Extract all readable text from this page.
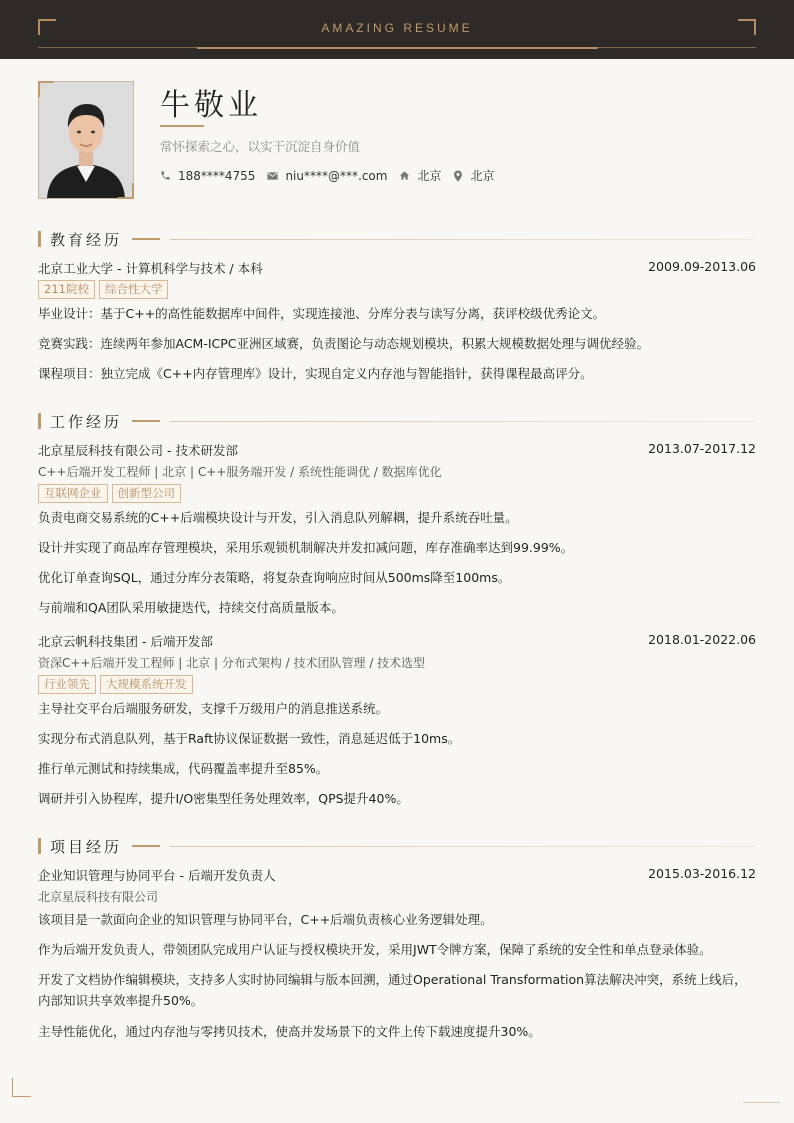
AMAZING RESUME
牛敬业
常怀探索之心，以实干沉淀自身价值
188****4755	niu****@***.com	北京 北京
教育经历
北京工业大学 - 计算机科学与技术 / 本科	2009.09-2013.06
211院校	综合性大学
毕业设计：基于C++的高性能数据库中间件，实现连接池、分库分表与读写分离，获评校级优秀论文。
竞赛实践：连续两年参加ACM-ICPC亚洲区域赛，负责图论与动态规划模块，积累大规模数据处理与调优经验。
课程项目：独立完成《C++内存管理库》设计，实现自定义内存池与智能指针，获得课程最高评分。
工作经历
北京星辰科技有限公司 - 技术研发部	2013.07-2017.12
C++后端开发工程师 | 北京 | C++服务端开发 / 系统性能调优 / 数据库优化
互联网企业	创新型公司
负责电商交易系统的C++后端模块设计与开发，引入消息队列解耦，提升系统吞吐量。
设计并实现了商品库存管理模块，采用乐观锁机制解决并发扣减问题，库存准确率达到99.99%。
优化订单查询SQL，通过分库分表策略，将复杂查询响应时间从500ms降至100ms。
与前端和QA团队采用敏捷迭代，持续交付高质量版本。
北京云帆科技集团 - 后端开发部	2018.01-2022.06
资深C++后端开发工程师 | 北京 | 分布式架构 / 技术团队管理 / 技术选型
行业领先	大规模系统开发
主导社交平台后端服务研发，支撑千万级用户的消息推送系统。
实现分布式消息队列，基于Raft协议保证数据一致性，消息延迟低于10ms。
推行单元测试和持续集成，代码覆盖率提升至85%。
调研并引入协程库，提升I/O密集型任务处理效率，QPS提升40%。
项目经历
企业知识管理与协同平台 - 后端开发负责人	2015.03-2016.12
北京星辰科技有限公司
该项目是一款面向企业的知识管理与协同平台，C++后端负责核心业务逻辑处理。
作为后端开发负责人，带领团队完成用户认证与授权模块开发，采用JWT令牌方案，保障了系统的安全性和单点登录体验。
开发了文档协作编辑模块，支持多人实时协同编辑与版本回溯，通过Operational Transformation算法解决冲突，系统上线后，内部知识共享效率提升50%。
主导性能优化，通过内存池与零拷贝技术，使高并发场景下的文件上传下载速度提升30%。
